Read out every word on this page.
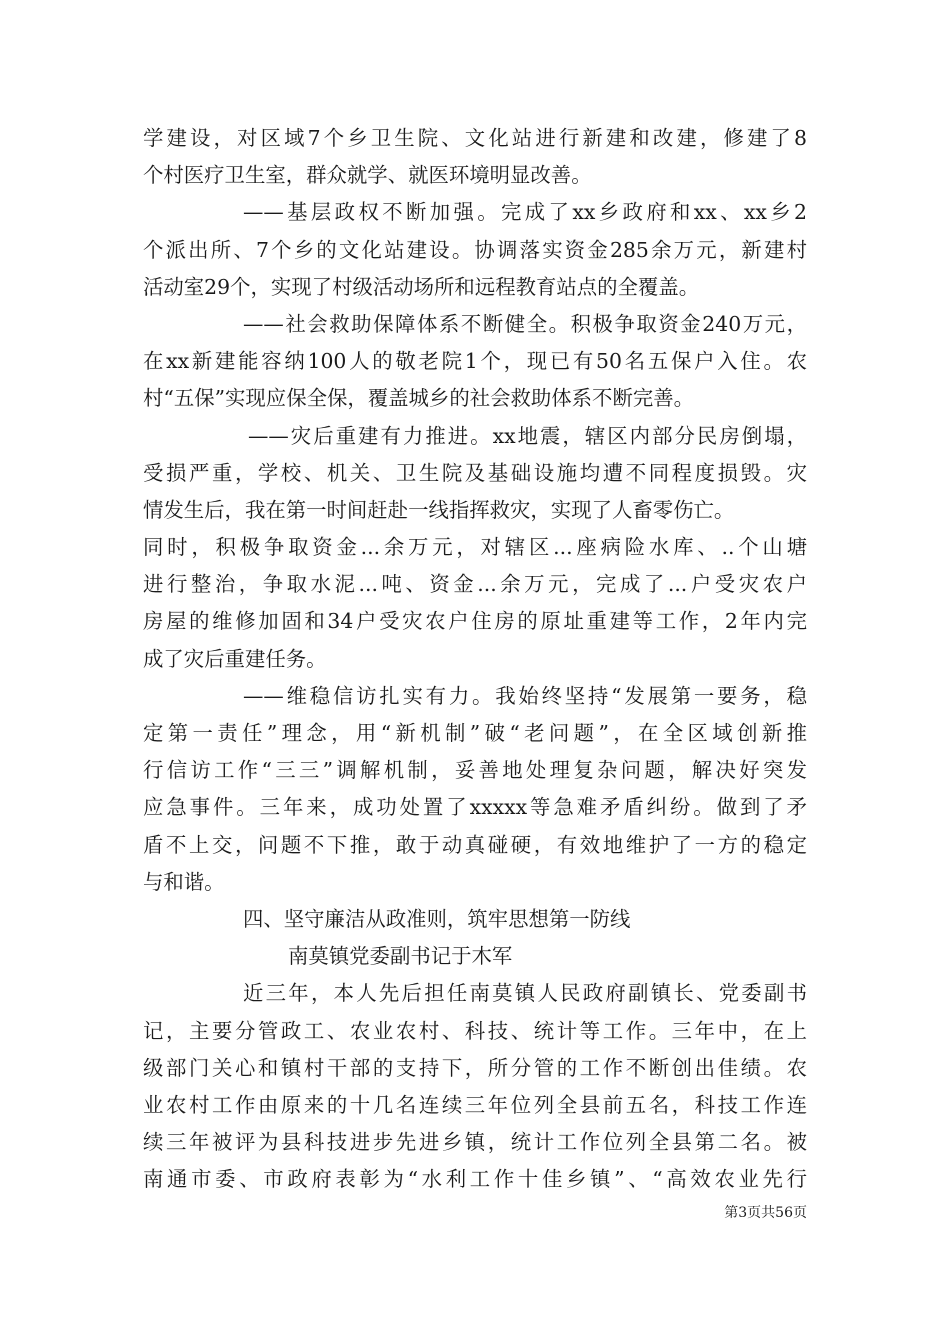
学建设，对区域7个乡卫生院、文化站进行新建和改建，修建了8
个村医疗卫生室，群众就学、就医环境明显改善。
——基层政权不断加强。完成了xx乡政府和xx、xx乡2
个派出所、7个乡的文化站建设。协调落实资金285余万元，新建村
活动室29个，实现了村级活动场所和远程教育站点的全覆盖。
——社会救助保障体系不断健全。积极争取资金240万元，
在xx新建能容纳100人的敬老院1个，现已有50名五保户入住。农
村“五保”实现应保全保，覆盖城乡的社会救助体系不断完善。
——灾后重建有力推进。xx地震，辖区内部分民房倒塌，
受损严重，学校、机关、卫生院及基础设施均遭不同程度损毁。灾
情发生后，我在第一时间赶赴一线指挥救灾，实现了人畜零伤亡。
同时，积极争取资金...余万元，对辖区...座病险水库、..个山塘
进行整治，争取水泥...吨、资金...余万元，完成了...户受灾农户
房屋的维修加固和34户受灾农户住房的原址重建等工作，2年内完
成了灾后重建任务。
——维稳信访扎实有力。我始终坚持“发展第一要务，稳
定第一责任”理念，用“新机制”破“老问题”，在全区域创新推
行信访工作“三三”调解机制，妥善地处理复杂问题，解决好突发
应急事件。三年来，成功处置了xxxxx等急难矛盾纠纷。做到了矛
盾不上交，问题不下推，敢于动真碰硬，有效地维护了一方的稳定
与和谐。
四、坚守廉洁从政准则，筑牢思想第一防线
南莫镇党委副书记于木军
近三年，本人先后担任南莫镇人民政府副镇长、党委副书
记，主要分管政工、农业农村、科技、统计等工作。三年中，在上
级部门关心和镇村干部的支持下，所分管的工作不断创出佳绩。农
业农村工作由原来的十几名连续三年位列全县前五名，科技工作连
续三年被评为县科技进步先进乡镇，统计工作位列全县第二名。被
南通市委、市政府表彰为“水利工作十佳乡镇”、“高效农业先行
第3页共56页
